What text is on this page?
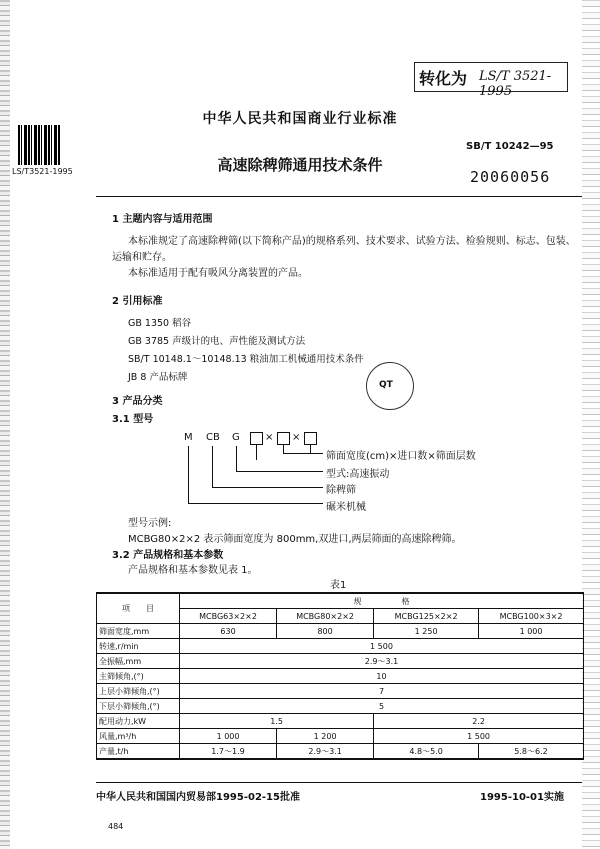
转化为 LS/T 3521-1995
LS/T3521-1995
中华人民共和国商业行业标准
SB/T 10242—95
高速除稗筛通用技术条件
20060056
1 主题内容与适用范围
本标准规定了高速除稗筛(以下简称产品)的规格系列、技术要求、试验方法、检验规则、标志、包装、
运输和贮存。
本标准适用于配有吸风分离装置的产品。
2 引用标准
GB 1350 稻谷
GB 3785 声级计的电、声性能及测试方法
SB/T 10148.1～10148.13 粮油加工机械通用技术条件
JB 8 产品标牌
QT
3 产品分类
3.1 型号
M CB G	× ×
筛面宽度(cm)×进口数×筛面层数
型式:高速振动
除稗筛
碾米机械
型号示例:
MCBG80×2×2 表示筛面宽度为 800mm,双进口,两层筛面的高速除稗筛。
3.2 产品规格和基本参数
产品规格和基本参数见表 1。
表1
项　　目	规　　　　　格			
	MCBG63×2×2	MCBG80×2×2	MCBG125×2×2	MCBG100×3×2
筛面宽度,mm	630	800	1 250	1 000
转速,r/min	1 500			
全振幅,mm	2.9～3.1			
主筛倾角,(°)	10			
上层小筛倾角,(°)	7			
下层小筛倾角,(°)	5			
配用动力,kW	1.5		2.2	
风量,m³/h	1 000	1 200	1 500	
产量,t/h	1.7～1.9	2.9～3.1	4.8～5.0	5.8～6.2
中华人民共和国国内贸易部1995-02-15批准	1995-10-01实施
484
